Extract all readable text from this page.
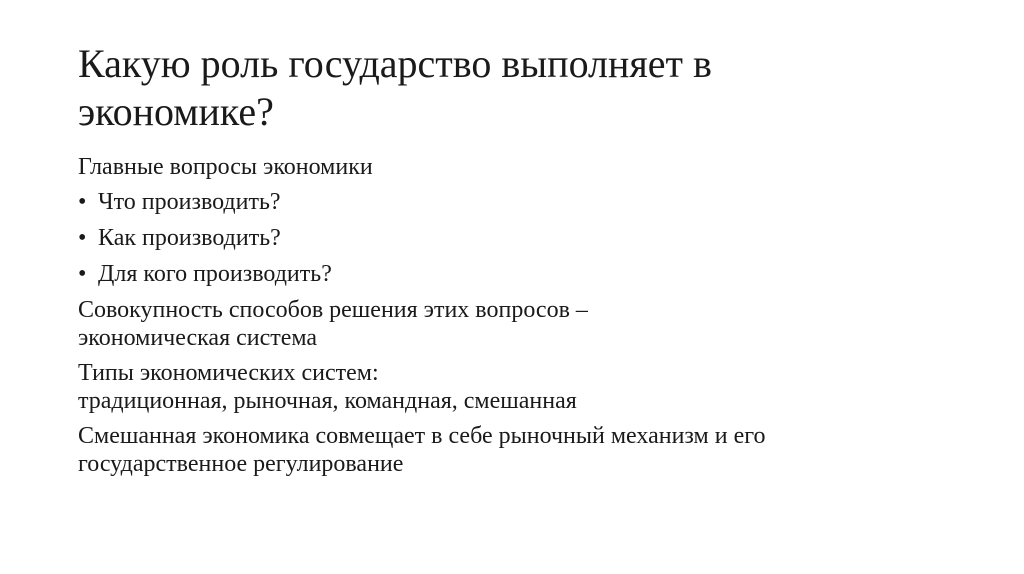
Какую роль государство выполняет в
экономике?

Главные вопросы экономики

• Что производить?

• Как производить?

• Для кого производить?

Совокупность способов решения этих вопросов –
экономическая система

Типы экономических систем:
традиционная, рыночная, командная, смешанная

Смешанная экономика совмещает в себе рыночный механизм и его
государственное регулирование
